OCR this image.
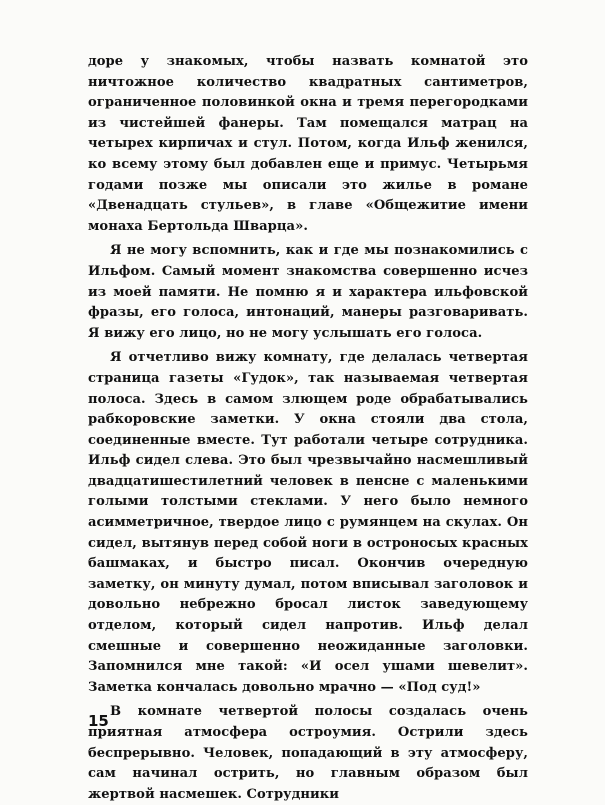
доре у знакомых, чтобы назвать комнатой это ничтожное количество квадратных сантиметров, ограниченное половинкой окна и тремя перегородками из чистейшей фанеры. Там помещался матрац на четырех кирпичах и стул. Потом, когда Ильф женился, ко всему этому был добавлен еще и примус. Четырьмя годами позже мы описали это жилье в романе «Двенадцать стульев», в главе «Общежитие имени монаха Бертольда Шварца».

Я не могу вспомнить, как и где мы познакомились с Ильфом. Самый момент знакомства совершенно исчез из моей памяти. Не помню я и характера ильфовской фразы, его голоса, интонаций, манеры разговаривать. Я вижу его лицо, но не могу услышать его голоса.

Я отчетливо вижу комнату, где делалась четвертая страница газеты «Гудок», так называемая четвертая полоса. Здесь в самом злющем роде обрабатывались рабкоровские заметки. У окна стояли два стола, соединенные вместе. Тут работали четыре сотрудника. Ильф сидел слева. Это был чрезвычайно насмешливый двадцатишестилетний человек в пенсне с маленькими голыми толстыми стеклами. У него было немного асимметричное, твердое лицо с румянцем на скулах. Он сидел, вытянув перед собой ноги в остроносых красных башмаках, и быстро писал. Окончив очередную заметку, он минуту думал, потом вписывал заголовок и довольно небрежно бросал листок заведующему отделом, который сидел напротив. Ильф делал смешные и совершенно неожиданные заголовки. Запомнился мне такой: «И осел ушами шевелит». Заметка кончалась довольно мрачно — «Под суд!»

В комнате четвертой полосы создалась очень приятная атмосфера остроумия. Острили здесь беспрерывно. Человек, попадающий в эту атмосферу, сам начинал острить, но главным образом был жертвой насмешек. Сотрудники

15
